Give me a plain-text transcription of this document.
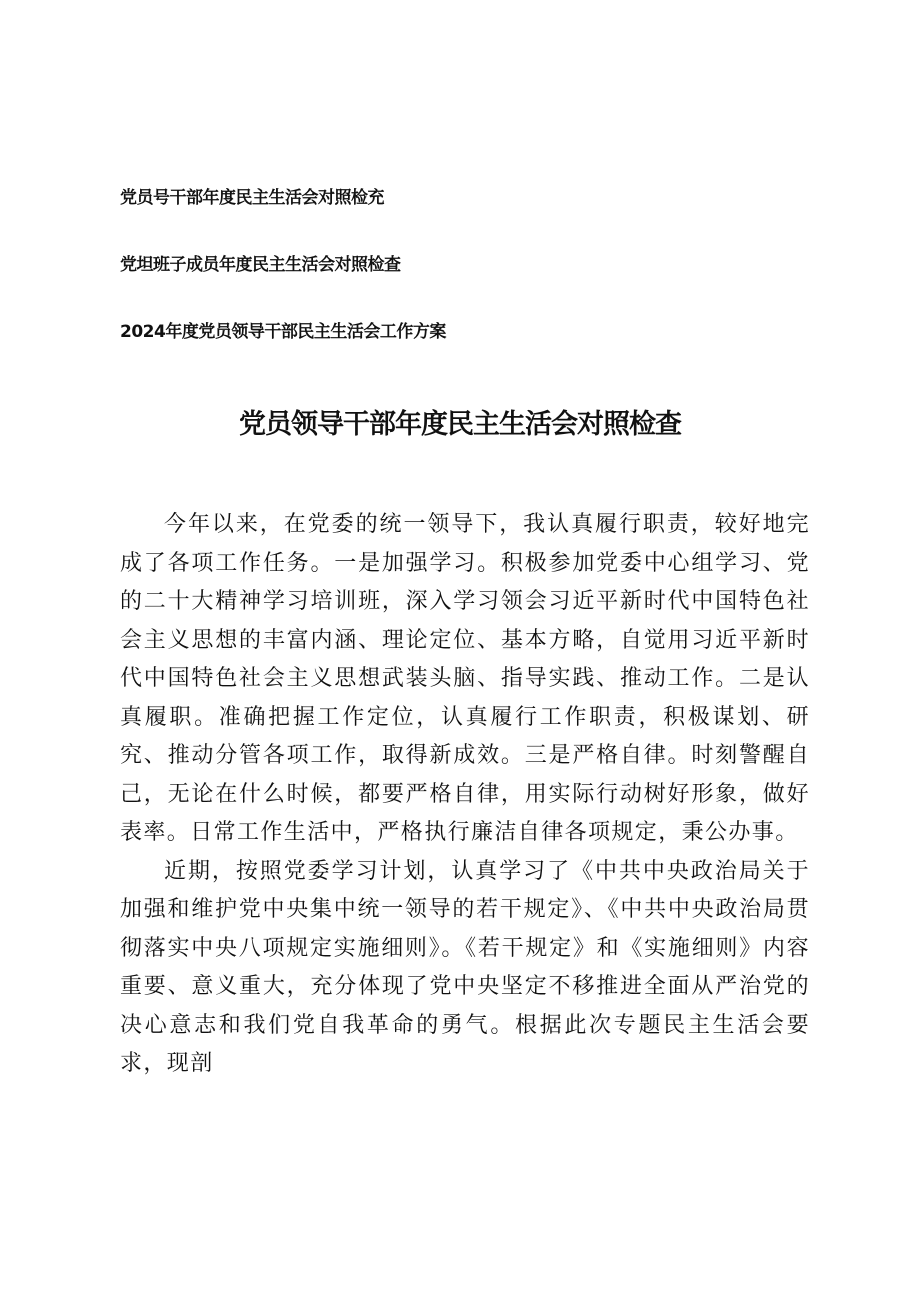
党员号干部年度民主生活会对照检充
党坦班子成员年度民主生活会对照检查
2024年度党员领导干部民主生活会工作方案
党员领导干部年度民主生活会对照检查

今年以来，在党委的统一领导下，我认真履行职责，较好地完成了各项工作任务。一是加强学习。积极参加党委中心组学习、党的二十大精神学习培训班，深入学习领会习近平新时代中国特色社会主义思想的丰富内涵、理论定位、基本方略，自觉用习近平新时代中国特色社会主义思想武装头脑、指导实践、推动工作。二是认真履职。准确把握工作定位，认真履行工作职责，积极谋划、研究、推动分管各项工作，取得新成效。三是严格自律。时刻警醒自己，无论在什么时候，都要严格自律，用实际行动树好形象，做好表率。日常工作生活中，严格执行廉洁自律各项规定，秉公办事。

近期，按照党委学习计划，认真学习了《中共中央政治局关于加强和维护党中央集中统一领导的若干规定》、《中共中央政治局贯彻落实中央八项规定实施细则》。《若干规定》和《实施细则》内容重要、意义重大，充分体现了党中央坚定不移推进全面从严治党的决心意志和我们党自我革命的勇气。根据此次专题民主生活会要求，现剖
